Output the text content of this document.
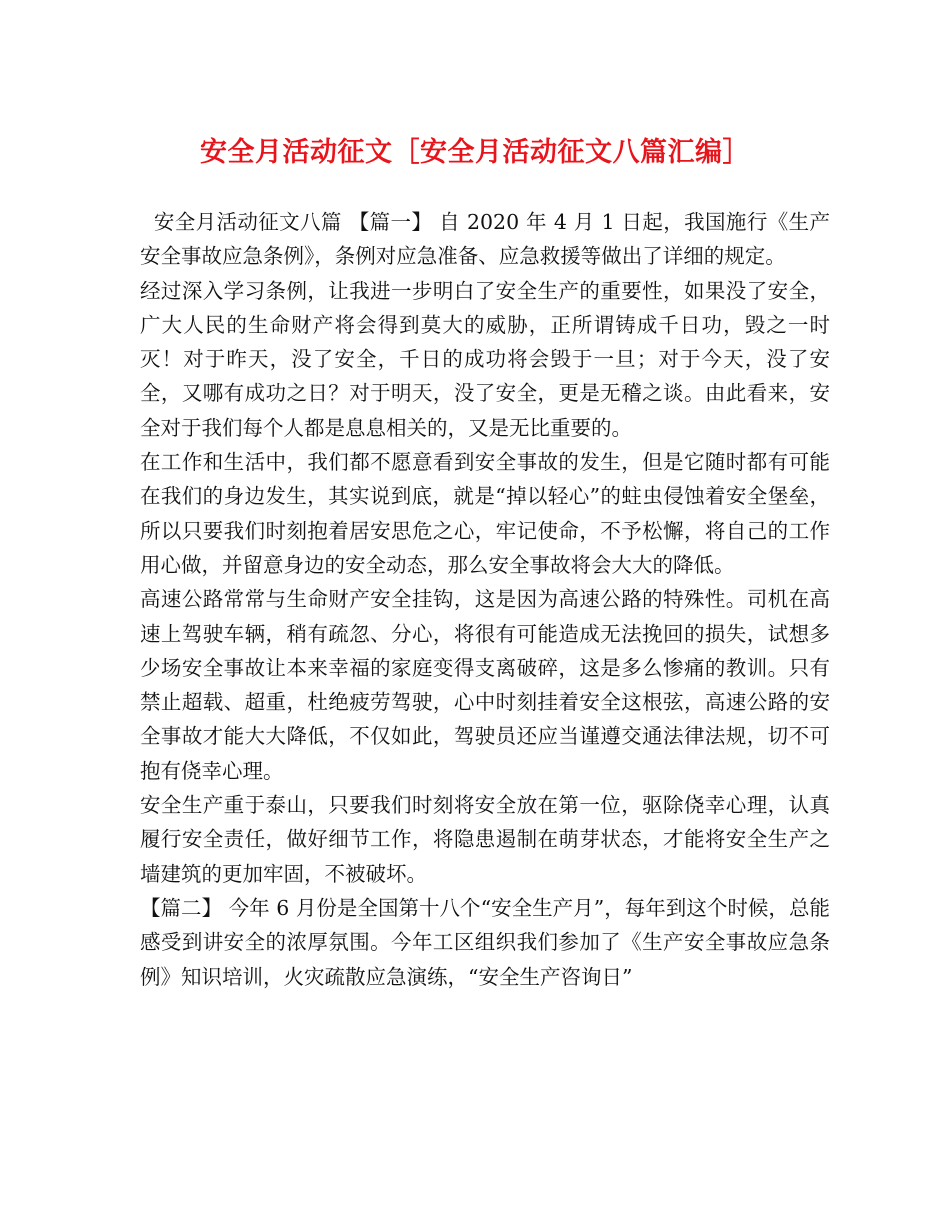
安全月活动征文［安全月活动征文八篇汇编］

安全月活动征文八篇 【篇一】 自 2020 年 4 月 1 日起，我国施行《生产安全事故应急条例》，条例对应急准备、应急救援等做出了详细的规定。

经过深入学习条例，让我进一步明白了安全生产的重要性，如果没了安全，广大人民的生命财产将会得到莫大的威胁，正所谓铸成千日功，毁之一时灭！对于昨天，没了安全，千日的成功将会毁于一旦；对于今天，没了安全，又哪有成功之日？对于明天，没了安全，更是无稽之谈。由此看来，安全对于我们每个人都是息息相关的，又是无比重要的。

在工作和生活中，我们都不愿意看到安全事故的发生，但是它随时都有可能在我们的身边发生，其实说到底，就是“掉以轻心”的蛀虫侵蚀着安全堡垒，所以只要我们时刻抱着居安思危之心，牢记使命，不予松懈，将自己的工作用心做，并留意身边的安全动态，那么安全事故将会大大的降低。

高速公路常常与生命财产安全挂钩，这是因为高速公路的特殊性。司机在高速上驾驶车辆，稍有疏忽、分心，将很有可能造成无法挽回的损失，试想多少场安全事故让本来幸福的家庭变得支离破碎，这是多么惨痛的教训。只有禁止超载、超重，杜绝疲劳驾驶，心中时刻挂着安全这根弦，高速公路的安全事故才能大大降低，不仅如此，驾驶员还应当谨遵交通法律法规，切不可抱有侥幸心理。

安全生产重于泰山，只要我们时刻将安全放在第一位，驱除侥幸心理，认真履行安全责任，做好细节工作，将隐患遏制在萌芽状态，才能将安全生产之墙建筑的更加牢固，不被破坏。

【篇二】 今年 6 月份是全国第十八个“安全生产月”，每年到这个时候，总能感受到讲安全的浓厚氛围。今年工区组织我们参加了《生产安全事故应急条例》知识培训，火灾疏散应急演练，“安全生产咨询日”
